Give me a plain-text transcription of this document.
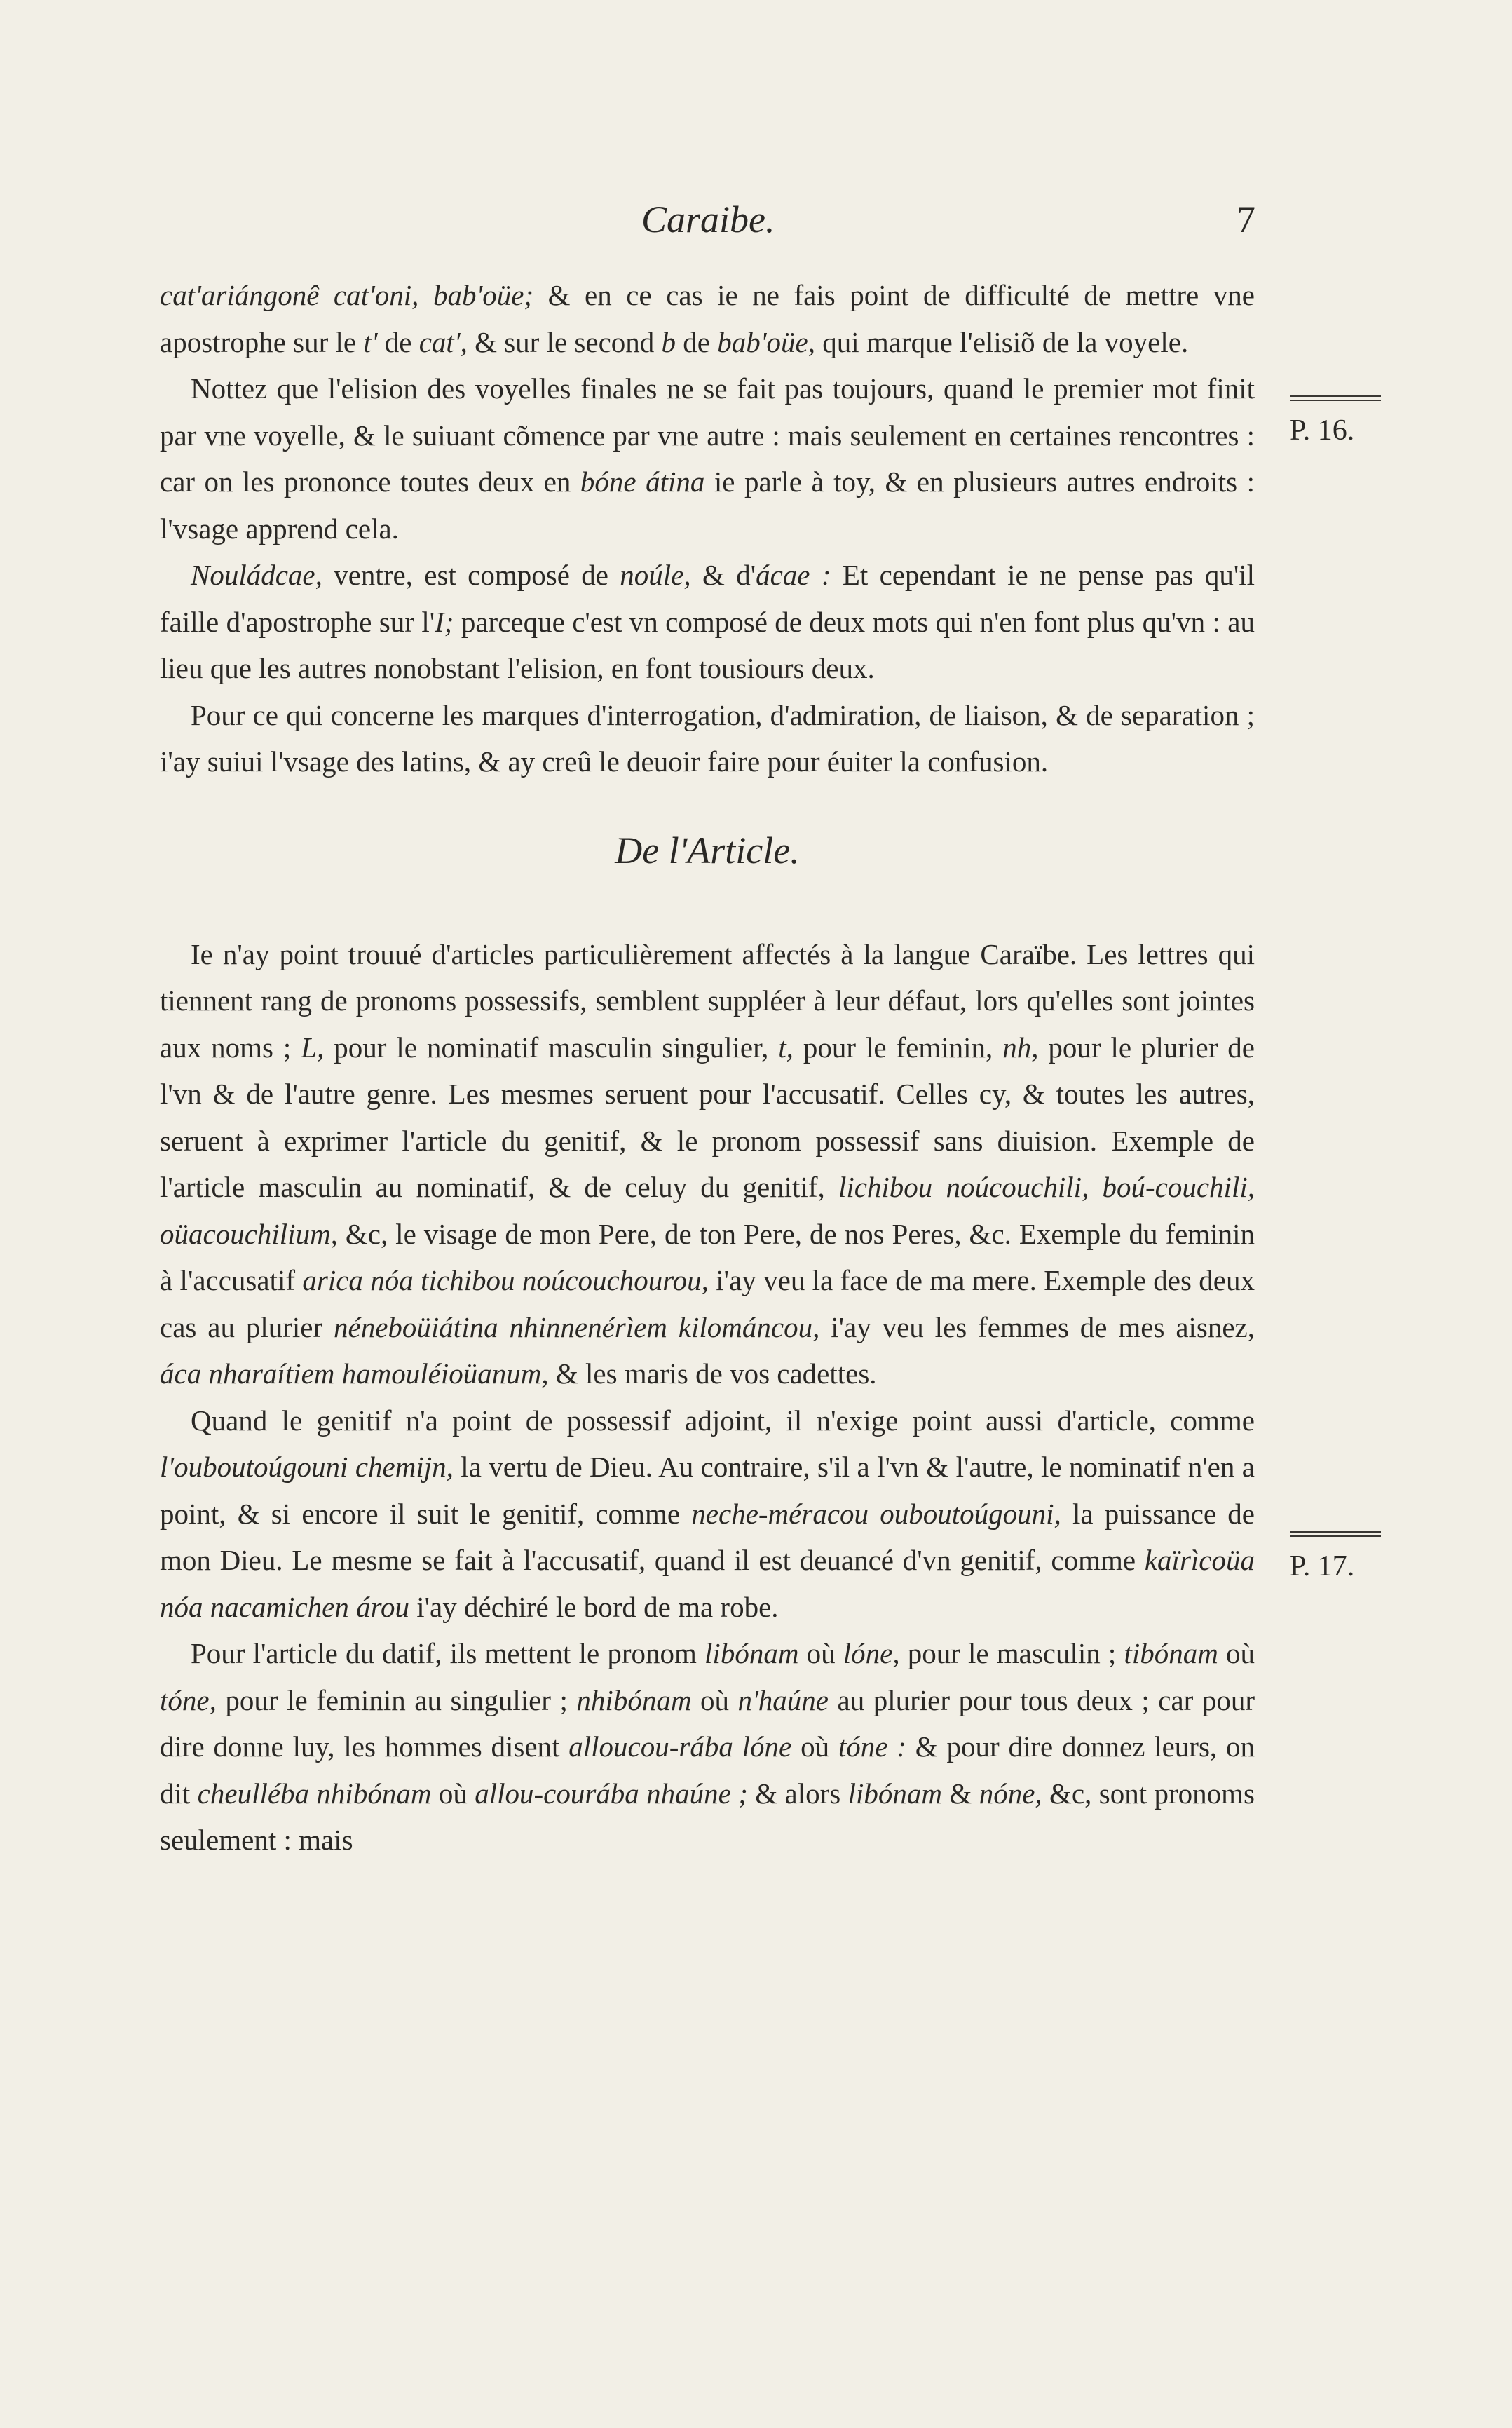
Caraibe.	7

cat'ariángonê cat'oni, bab'oüe; & en ce cas ie ne fais point de difficulté de mettre vne apostrophe sur le t' de cat', & sur le second b de bab'oüe, qui marque l'elisiõ de la voyele.

Nottez que l'elision des voyelles finales ne se fait pas toujours, quand le premier mot finit par vne voyelle, & le suiuant cõmence par vne autre : mais seulement en certaines rencontres : car on les prononce toutes deux en bóne átina ie parle à toy, & en plusieurs autres endroits : l'vsage apprend cela.

Nouládcae, ventre, est composé de noúle, & d'ácae : Et cependant ie ne pense pas qu'il faille d'apostrophe sur l'I; parceque c'est vn composé de deux mots qui n'en font plus qu'vn : au lieu que les autres nonobstant l'elision, en font tousiours deux.

Pour ce qui concerne les marques d'interrogation, d'admiration, de liaison, & de separation ; i'ay suiui l'vsage des latins, & ay creû le deuoir faire pour éuiter la confusion.

De l'Article.

Ie n'ay point trouué d'articles particulièrement affectés à la langue Caraïbe. Les lettres qui tiennent rang de pronoms possessifs, semblent suppléer à leur défaut, lors qu'elles sont jointes aux noms ; L, pour le nominatif masculin singulier, t, pour le feminin, nh, pour le plurier de l'vn & de l'autre genre. Les mesmes seruent pour l'accusatif. Celles cy, & toutes les autres, seruent à exprimer l'article du genitif, & le pronom possessif sans diuision. Exemple de l'article masculin au nominatif, & de celuy du genitif, lichibou noúcouchili, boú-couchili, oüacouchilium, &c, le visage de mon Pere, de ton Pere, de nos Peres, &c. Exemple du feminin à l'accusatif arica nóa tichibou noúcouchourou, i'ay veu la face de ma mere. Exemple des deux cas au plurier néneboüiátina nhinnenérìem kilománcou, i'ay veu les femmes de mes aisnez, áca nharaítiem hamouléioüanum, & les maris de vos cadettes.

Quand le genitif n'a point de possessif adjoint, il n'exige point aussi d'article, comme l'ouboutoúgouni chemijn, la vertu de Dieu. Au contraire, s'il a l'vn & l'autre, le nominatif n'en a point, & si encore il suit le genitif, comme neche-méracou ouboutoúgouni, la puissance de mon Dieu. Le mesme se fait à l'accusatif, quand il est deuancé d'vn genitif, comme kaïrìcoüa nóa nacamichen árou i'ay déchiré le bord de ma robe.

Pour l'article du datif, ils mettent le pronom libónam où lóne, pour le masculin ; tibónam où tóne, pour le feminin au singulier ; nhibónam où n'haúne au plurier pour tous deux ; car pour dire donne luy, les hommes disent alloucou-rába lóne où tóne : & pour dire donnez leurs, on dit cheulléba nhibónam où allou-courába nhaúne ; & alors libónam & nóne, &c, sont pronoms seulement : mais

P. 16.
P. 17.
